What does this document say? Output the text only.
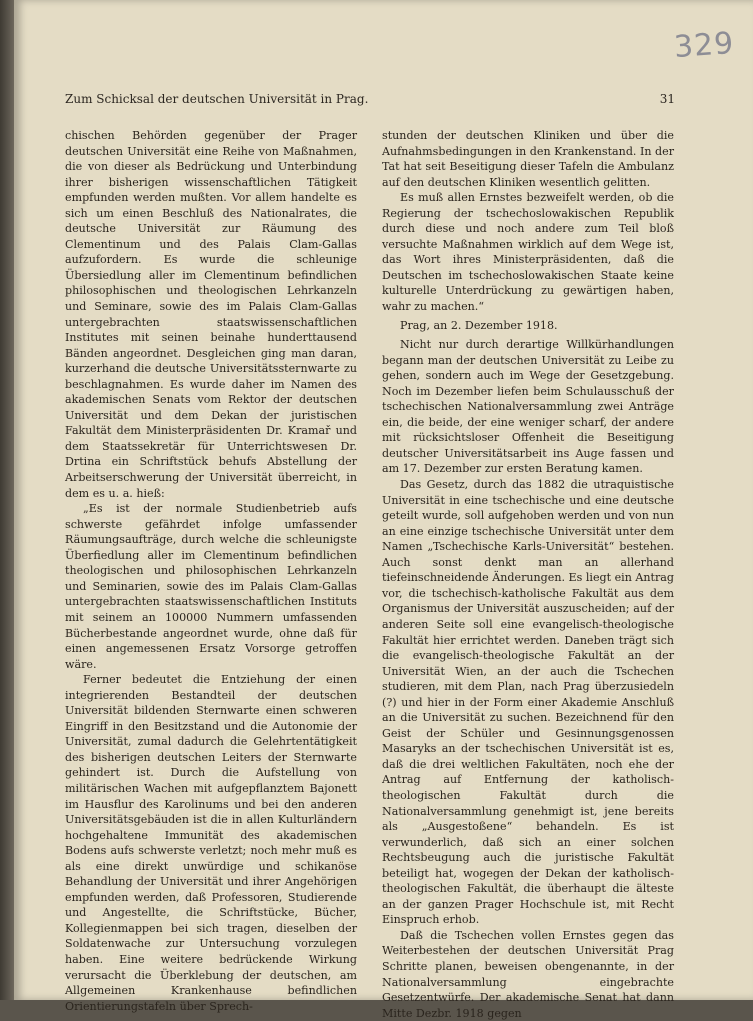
329
Zum Schicksal der deutschen Universität in Prag.	31

chischen Behörden gegenüber der Prager deutschen Universität eine Reihe von Maßnahmen, die von dieser als Bedrückung und Unterbindung ihrer bisherigen wissenschaftlichen Tätigkeit empfunden werden mußten. Vor allem handelte es sich um einen Beschluß des Nationalrates, die deutsche Universität zur Räumung des Clementinum und des Palais Clam-Gallas aufzufordern. Es wurde die schleunige Übersiedlung aller im Clementinum befindlichen philosophischen und theologischen Lehrkanzeln und Seminare, sowie des im Palais Clam-Gallas untergebrachten staatswissenschaftlichen Institutes mit seinen beinahe hunderttausend Bänden angeordnet. Desgleichen ging man daran, kurzerhand die deutsche Universitätssternwarte zu beschlagnahmen. Es wurde daher im Namen des akademischen Senats vom Rektor der deutschen Universität und dem Dekan der juristischen Fakultät dem Ministerpräsidenten Dr. Kramař und dem Staatssekretär für Unterrichtswesen Dr. Drtina ein Schriftstück behufs Abstellung der Arbeitserschwerung der Universität überreicht, in dem es u. a. hieß:

„Es ist der normale Studienbetrieb aufs schwerste gefährdet infolge umfassender Räumungsaufträge, durch welche die schleunigste Überfiedlung aller im Clementinum befindlichen theologischen und philosophischen Lehrkanzeln und Seminarien, sowie des im Palais Clam-Gallas untergebrachten staatswissenschaftlichen Instituts mit seinem an 100000 Nummern umfassenden Bücherbestande angeordnet wurde, ohne daß für einen angemessenen Ersatz Vorsorge getroffen wäre.

Ferner bedeutet die Entziehung der einen integrierenden Bestandteil der deutschen Universität bildenden Sternwarte einen schweren Eingriff in den Besitzstand und die Autonomie der Universität, zumal dadurch die Gelehrtentätigkeit des bisherigen deutschen Leiters der Sternwarte gehindert ist. Durch die Aufstellung von militärischen Wachen mit aufgepflanztem Bajonett im Hausflur des Karolinums und bei den anderen Universitätsgebäuden ist die in allen Kulturländern hochgehaltene Immunität des akademischen Bodens aufs schwerste verletzt; noch mehr muß es als eine direkt unwürdige und schikanöse Behandlung der Universität und ihrer Angehörigen empfunden werden, daß Professoren, Studierende und Angestellte, die Schriftstücke, Bücher, Kollegienmappen bei sich tragen, dieselben der Soldatenwache zur Untersuchung vorzulegen haben. Eine weitere bedrückende Wirkung verursacht die Überklebung der deutschen, am Allgemeinen Krankenhause befindlichen Orientierungstafeln über Sprech-

stunden der deutschen Kliniken und über die Aufnahmsbedingungen in den Krankenstand. In der Tat hat seit Beseitigung dieser Tafeln die Ambulanz auf den deutschen Kliniken wesentlich gelitten.

Es muß allen Ernstes bezweifelt werden, ob die Regierung der tschechoslowakischen Republik durch diese und noch andere zum Teil bloß versuchte Maßnahmen wirklich auf dem Wege ist, das Wort ihres Ministerpräsidenten, daß die Deutschen im tschechoslowakischen Staate keine kulturelle Unterdrückung zu gewärtigen haben, wahr zu machen.“

Prag, an 2. Dezember 1918.

Nicht nur durch derartige Willkürhandlungen begann man der deutschen Universität zu Leibe zu gehen, sondern auch im Wege der Gesetzgebung. Noch im Dezember liefen beim Schulausschuß der tschechischen Nationalversammlung zwei Anträge ein, die beide, der eine weniger scharf, der andere mit rücksichtsloser Offenheit die Beseitigung deutscher Universitätsarbeit ins Auge fassen und am 17. Dezember zur ersten Beratung kamen.

Das Gesetz, durch das 1882 die utraquistische Universität in eine tschechische und eine deutsche geteilt wurde, soll aufgehoben werden und von nun an eine einzige tschechische Universität unter dem Namen „Tschechische Karls-Universität“ bestehen. Auch sonst denkt man an allerhand tiefeinschneidende Änderungen. Es liegt ein Antrag vor, die tschechisch-katholische Fakultät aus dem Organismus der Universität auszuscheiden; auf der anderen Seite soll eine evangelisch-theologische Fakultät hier errichtet werden. Daneben trägt sich die evangelisch-theologische Fakultät an der Universität Wien, an der auch die Tschechen studieren, mit dem Plan, nach Prag überzusiedeln (?) und hier in der Form einer Akademie Anschluß an die Universität zu suchen. Bezeichnend für den Geist der Schüler und Gesinnungsgenossen Masaryks an der tschechischen Universität ist es, daß die drei weltlichen Fakultäten, noch ehe der Antrag auf Entfernung der katholisch-theologischen Fakultät durch die Nationalversammlung genehmigt ist, jene bereits als „Ausgestoßene“ behandeln. Es ist verwunderlich, daß sich an einer solchen Rechtsbeugung auch die juristische Fakultät beteiligt hat, wogegen der Dekan der katholisch-theologischen Fakultät, die überhaupt die älteste an der ganzen Prager Hochschule ist, mit Recht Einspruch erhob.

Daß die Tschechen vollen Ernstes gegen das Weiterbestehen der deutschen Universität Prag Schritte planen, beweisen obengenannte, in der Nationalversammlung eingebrachte Gesetzentwürfe. Der akademische Senat hat dann Mitte Dezbr. 1918 gegen
